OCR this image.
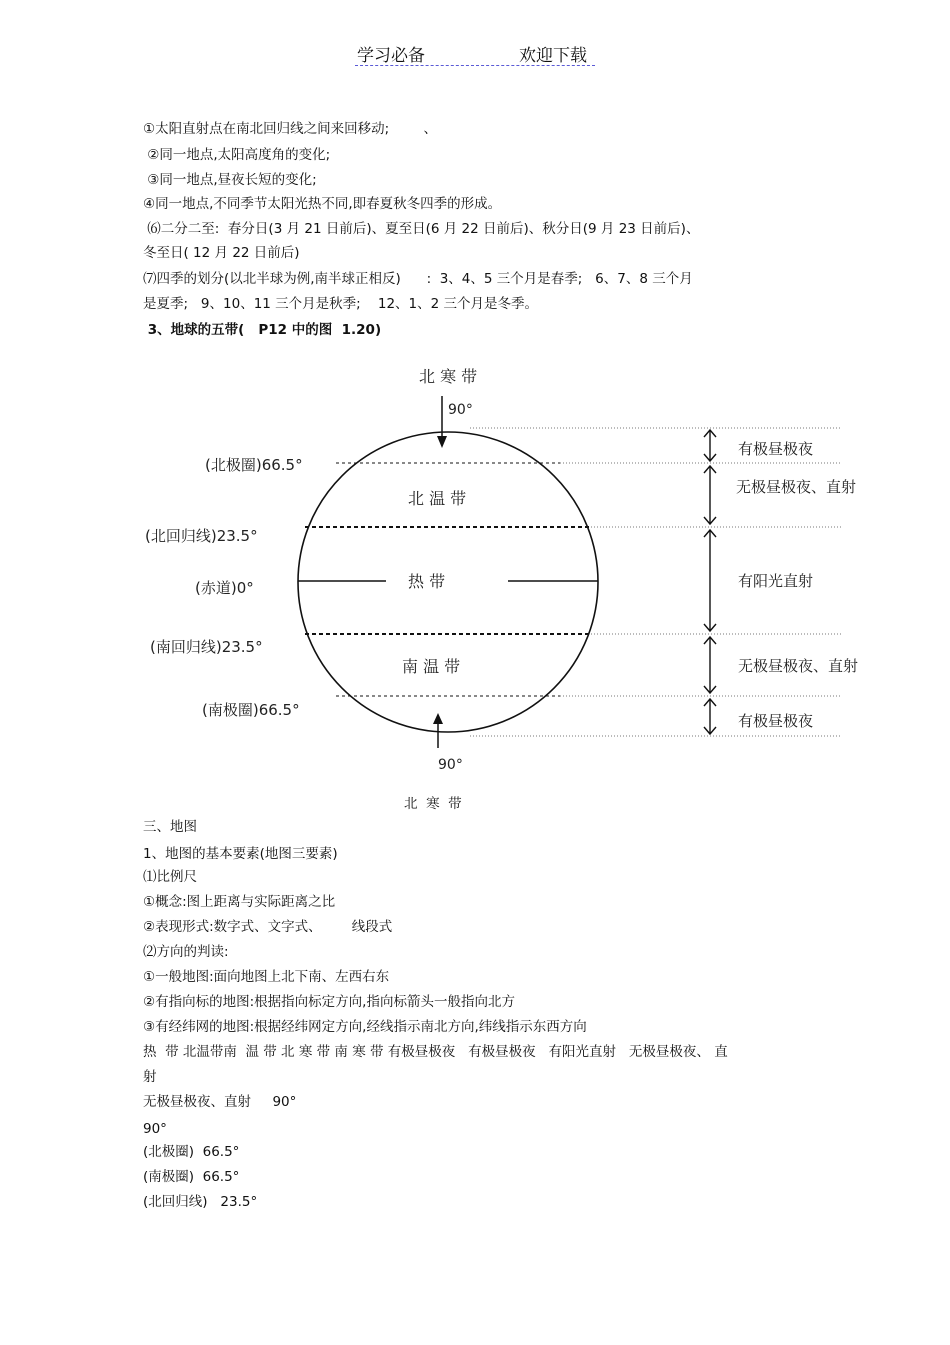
学习必备	欢迎下载
①太阳直射点在南北回归线之间来回移动;        、
②同一地点,太阳高度角的变化;
③同一地点,昼夜长短的变化;
④同一地点,不同季节太阳光热不同,即春夏秋冬四季的形成。
⑹二分二至:  春分日(3 月 21 日前后)、夏至日(6 月 22 日前后)、秋分日(9 月 23 日前后)、
冬至日( 12 月 22 日前后)
⑺四季的划分(以北半球为例,南半球正相反)      :  3、4、5 三个月是春季;   6、7、8 三个月
是夏季;   9、10、11 三个月是秋季;    12、1、2 三个月是冬季。
3、地球的五带(   P12 中的图  1.20)
北 寒 带
90°
北 温 带
热 带
南 温 带
(北极圈)66.5°
(北回归线)23.5°
(赤道)0°
(南回归线)23.5°
(南极圈)66.5°
90°
有极昼极夜
无极昼极夜、直射
有阳光直射
无极昼极夜、直射
有极昼极夜
北  寒  带
三、地图
1、地图的基本要素(地图三要素)
⑴比例尺
①概念:图上距离与实际距离之比
②表现形式:数字式、文字式、       线段式
⑵方向的判读:
①一般地图:面向地图上北下南、左西右东
②有指向标的地图:根据指向标定方向,指向标箭头一般指向北方
③有经纬网的地图:根据经纬网定方向,经线指示南北方向,纬线指示东西方向
热  带 北温带南  温 带 北 寒 带 南 寒 带 有极昼极夜   有极昼极夜   有阳光直射   无极昼极夜、 直
射
无极昼极夜、直射     90°
90°
(北极圈)  66.5°
(南极圈)  66.5°
(北回归线)   23.5°
